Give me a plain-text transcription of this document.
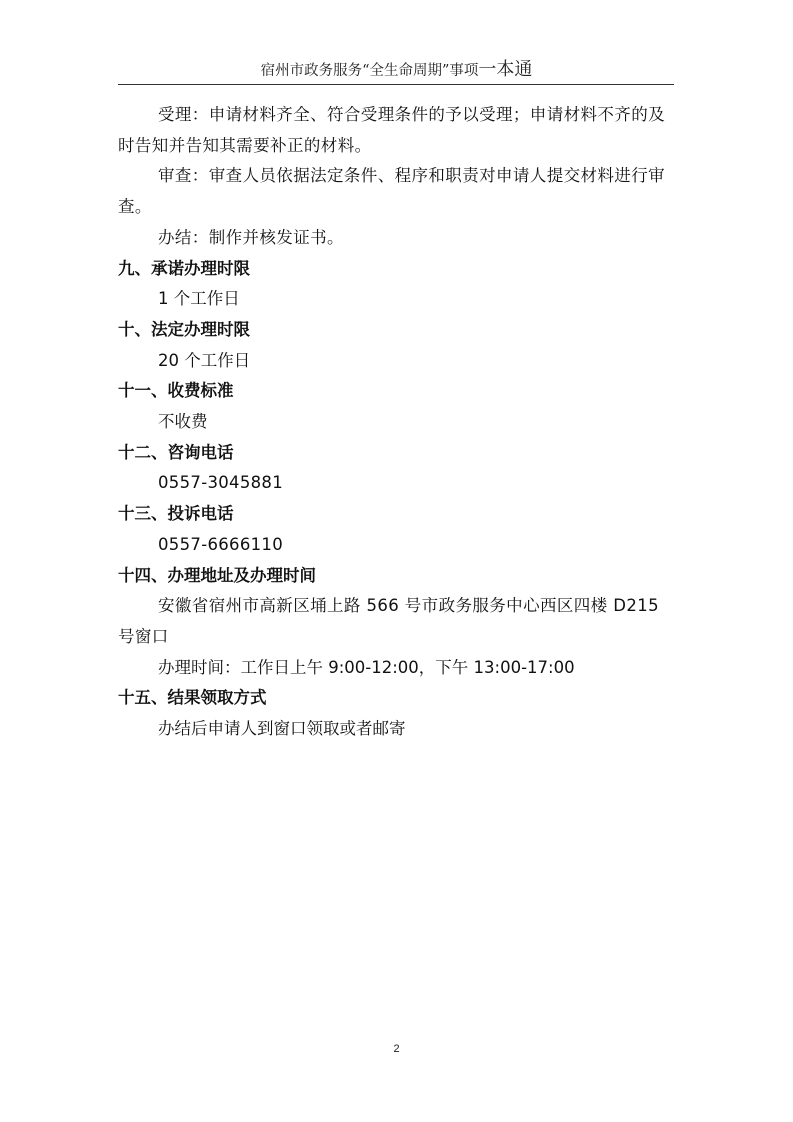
宿州市政务服务“全生命周期”事项一本通

受理：申请材料齐全、符合受理条件的予以受理；申请材料不齐的及时告知并告知其需要补正的材料。

审查：审查人员依据法定条件、程序和职责对申请人提交材料进行审查。

办结：制作并核发证书。

九、承诺办理时限

1 个工作日

十、法定办理时限

20 个工作日

十一、收费标准

不收费

十二、咨询电话

0557-3045881

十三、投诉电话

0557-6666110

十四、办理地址及办理时间

安徽省宿州市高新区埇上路 566 号市政务服务中心西区四楼 D215 号窗口

办理时间：工作日上午 9:00-12:00，下午 13:00-17:00

十五、结果领取方式

办结后申请人到窗口领取或者邮寄

2
